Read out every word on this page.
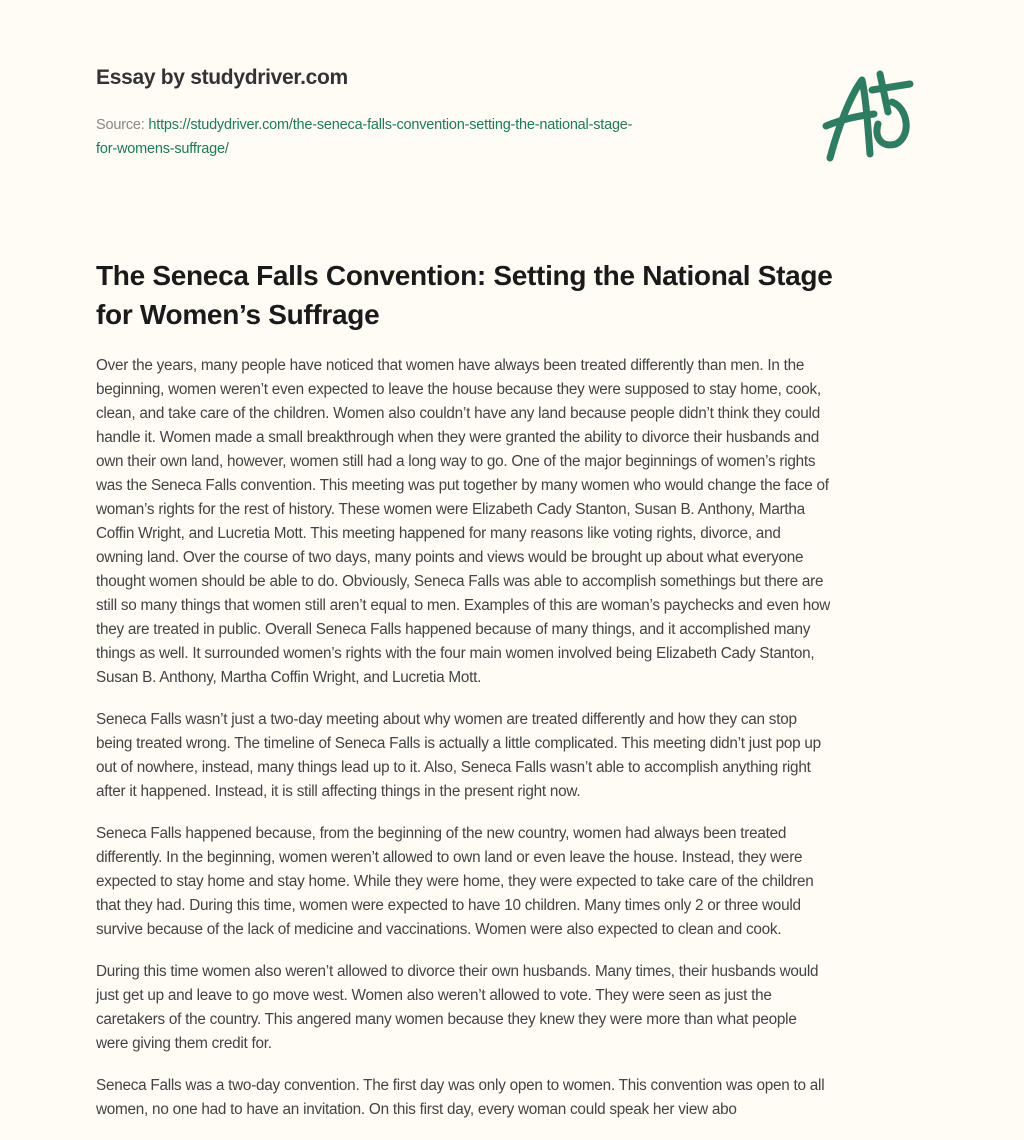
Essay by studydriver.com
Source: https://studydriver.com/the-seneca-falls-convention-setting-the-national-stage-
for-womens-suffrage/
The Seneca Falls Convention: Setting the National Stage
for Women’s Suffrage

Over the years, many people have noticed that women have always been treated differently than men. In the
beginning, women weren’t even expected to leave the house because they were supposed to stay home, cook,
clean, and take care of the children. Women also couldn’t have any land because people didn’t think they could
handle it. Women made a small breakthrough when they were granted the ability to divorce their husbands and
own their own land, however, women still had a long way to go. One of the major beginnings of women’s rights
was the Seneca Falls convention. This meeting was put together by many women who would change the face of
woman’s rights for the rest of history. These women were Elizabeth Cady Stanton, Susan B. Anthony, Martha
Coffin Wright, and Lucretia Mott. This meeting happened for many reasons like voting rights, divorce, and
owning land. Over the course of two days, many points and views would be brought up about what everyone
thought women should be able to do. Obviously, Seneca Falls was able to accomplish somethings but there are
still so many things that women still aren’t equal to men. Examples of this are woman’s paychecks and even how
they are treated in public. Overall Seneca Falls happened because of many things, and it accomplished many
things as well. It surrounded women’s rights with the four main women involved being Elizabeth Cady Stanton,
Susan B. Anthony, Martha Coffin Wright, and Lucretia Mott.

Seneca Falls wasn’t just a two-day meeting about why women are treated differently and how they can stop
being treated wrong. The timeline of Seneca Falls is actually a little complicated. This meeting didn’t just pop up
out of nowhere, instead, many things lead up to it. Also, Seneca Falls wasn’t able to accomplish anything right
after it happened. Instead, it is still affecting things in the present right now.

Seneca Falls happened because, from the beginning of the new country, women had always been treated
differently. In the beginning, women weren’t allowed to own land or even leave the house. Instead, they were
expected to stay home and stay home. While they were home, they were expected to take care of the children
that they had. During this time, women were expected to have 10 children. Many times only 2 or three would
survive because of the lack of medicine and vaccinations. Women were also expected to clean and cook.

During this time women also weren’t allowed to divorce their own husbands. Many times, their husbands would
just get up and leave to go move west. Women also weren’t allowed to vote. They were seen as just the
caretakers of the country. This angered many women because they knew they were more than what people
were giving them credit for.

Seneca Falls was a two-day convention. The first day was only open to women. This convention was open to all
women, no one had to have an invitation. On this first day, every woman could speak her view abo
